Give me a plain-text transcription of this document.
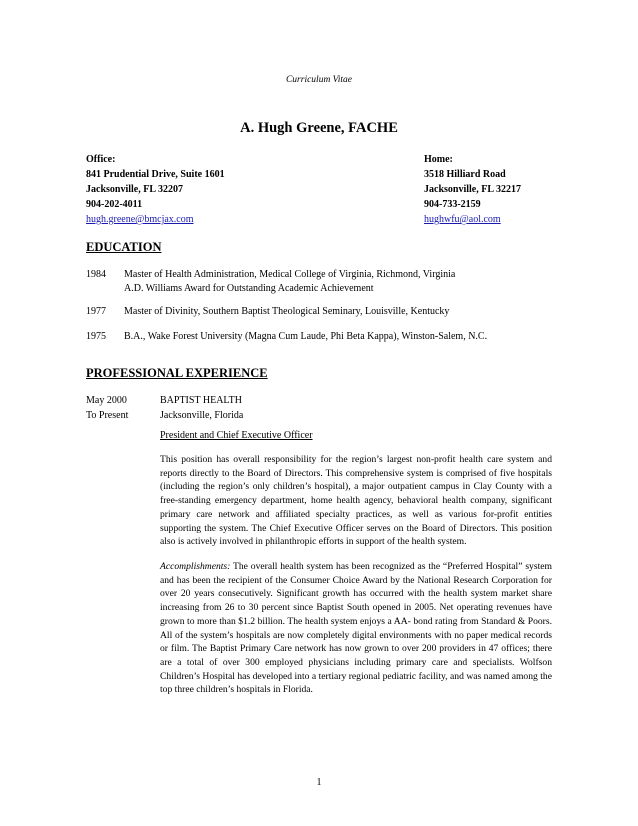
Curriculum Vitae
A. Hugh Greene, FACHE
Office:
841 Prudential Drive, Suite 1601
Jacksonville, FL 32207
904-202-4011
hugh.greene@bmcjax.com
Home:
3518 Hilliard Road
Jacksonville, FL 32217
904-733-2159
hughwfu@aol.com
EDUCATION
1984 Master of Health Administration, Medical College of Virginia, Richmond, Virginia
A.D. Williams Award for Outstanding Academic Achievement
1977 Master of Divinity, Southern Baptist Theological Seminary, Louisville, Kentucky
1975 B.A., Wake Forest University (Magna Cum Laude, Phi Beta Kappa), Winston-Salem, N.C.
PROFESSIONAL EXPERIENCE
May 2000
To Present
BAPTIST HEALTH
Jacksonville, Florida
President and Chief Executive Officer
This position has overall responsibility for the region’s largest non-profit health care system and reports directly to the Board of Directors. This comprehensive system is comprised of five hospitals (including the region’s only children’s hospital), a major outpatient campus in Clay County with a free-standing emergency department, home health agency, behavioral health company, significant primary care network and affiliated specialty practices, as well as various for-profit entities supporting the system. The Chief Executive Officer serves on the Board of Directors. This position also is actively involved in philanthropic efforts in support of the health system.
Accomplishments: The overall health system has been recognized as the “Preferred Hospital” system and has been the recipient of the Consumer Choice Award by the National Research Corporation for over 20 years consecutively. Significant growth has occurred with the health system market share increasing from 26 to 30 percent since Baptist South opened in 2005. Net operating revenues have grown to more than $1.2 billion. The health system enjoys a AA- bond rating from Standard & Poors. All of the system’s hospitals are now completely digital environments with no paper medical records or film. The Baptist Primary Care network has now grown to over 200 providers in 47 offices; there are a total of over 300 employed physicians including primary care and specialists. Wolfson Children’s Hospital has developed into a tertiary regional pediatric facility, and was named among the top three children’s hospitals in Florida.
1
